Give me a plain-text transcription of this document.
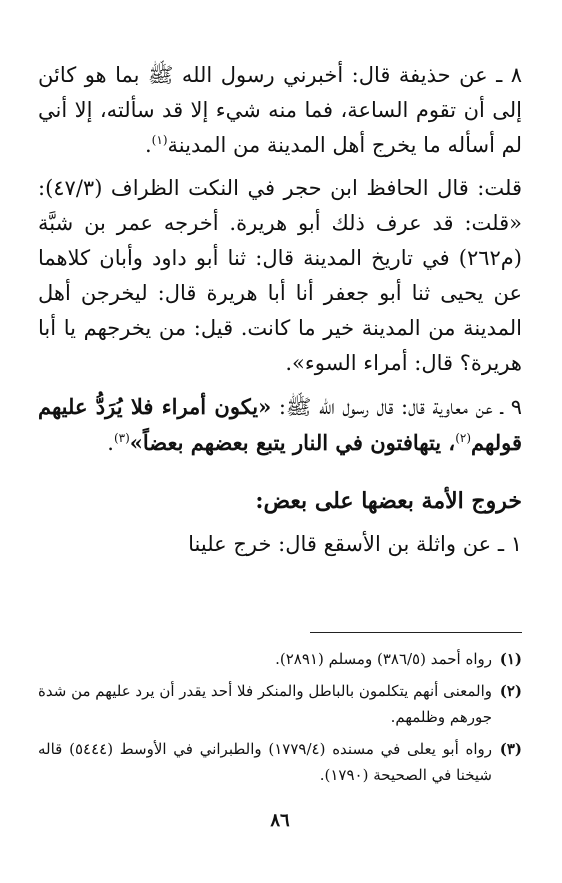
٨ ـ عن حذيفة قال: أخبرني رسول الله ﷺ بما هو كائن إلى أن تقوم الساعة، فما منه شيء إلا قد سألته، إلا أني لم أسأله ما يخرج أهل المدينة من المدينة$^{(١)}$.

قلت: قال الحافظ ابن حجر في النكت الظراف (٤٧/٣): «قلت: قد عرف ذلك أبو هريرة. أخرجه عمر بن شبَّة (م٢٦٢) في تاريخ المدينة قال: ثنا أبو داود وأبان كلاهما عن يحيى ثنا أبو جعفر أنا أبا هريرة قال: ليخرجن أهل المدينة من المدينة خير ما كانت. قيل: من يخرجهم يا أبا هريرة؟ قال: أمراء السوء».

٩ ـ عن معاوية قال: قال رسول الله ﷺ: «يكون أمراء فلا يُرَدُّ عليهم قولهم$^{(٢)}$، يتهافتون في النار يتبع بعضهم بعضاً»$^{(٣)}$.

خروج الأمة بعضها على بعض:

١ ـ عن واثلة بن الأسقع قال: خرج علينا

(١)
رواه أحمد (٣٨٦/٥) ومسلم (٢٨٩١).
(٢)
والمعنى أنهم يتكلمون بالباطل والمنكر فلا أحد يقدر أن يرد عليهم من شدة جورهم وظلمهم.
(٣)
رواه أبو يعلى في مسنده (١٧٧٩/٤) والطبراني في الأوسط (٥٤٤٤) قاله شيخنا في الصحيحة (١٧٩٠).
٨٦
